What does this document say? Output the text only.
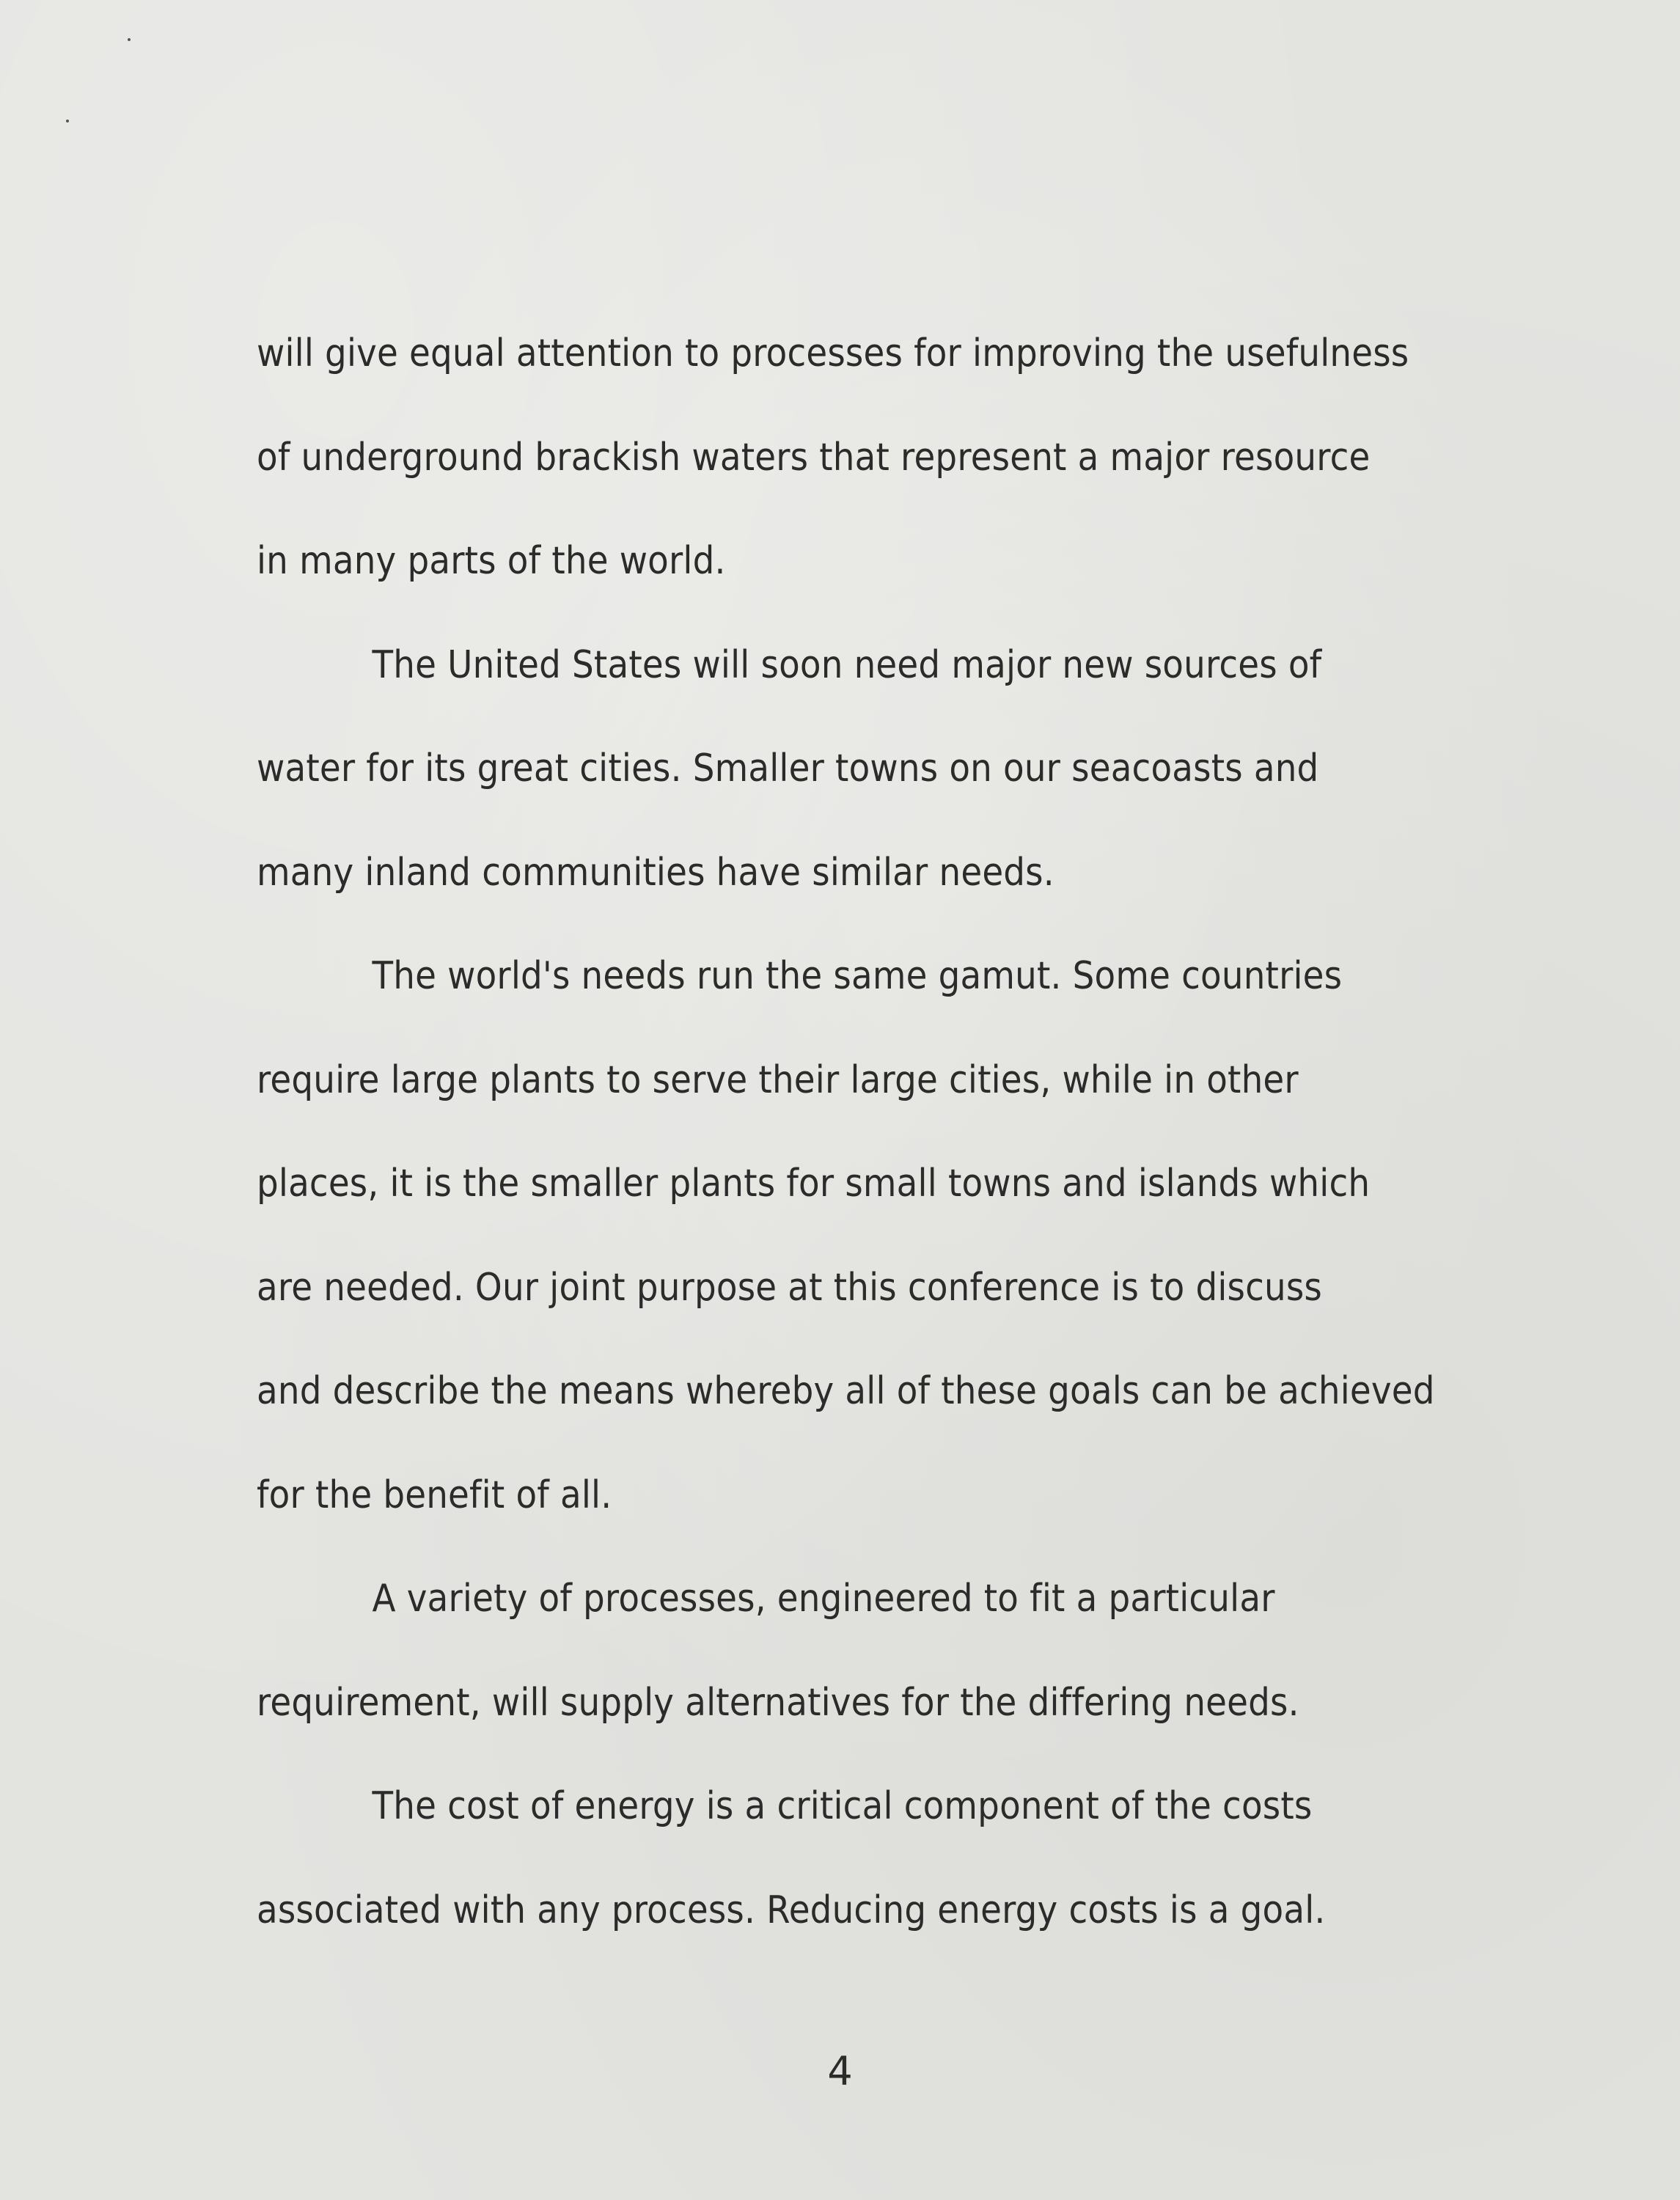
will give equal attention to processes for improving the usefulness
of underground brackish waters that represent a major resource
in many parts of the world.
The United States will soon need major new sources of
water for its great cities. Smaller towns on our seacoasts and
many inland communities have similar needs.
The world's needs run the same gamut. Some countries
require large plants to serve their large cities, while in other
places, it is the smaller plants for small towns and islands which
are needed. Our joint purpose at this conference is to discuss
and describe the means whereby all of these goals can be achieved
for the benefit of all.
A variety of processes, engineered to fit a particular
requirement, will supply alternatives for the differing needs.
The cost of energy is a critical component of the costs
associated with any process. Reducing energy costs is a goal.
4
